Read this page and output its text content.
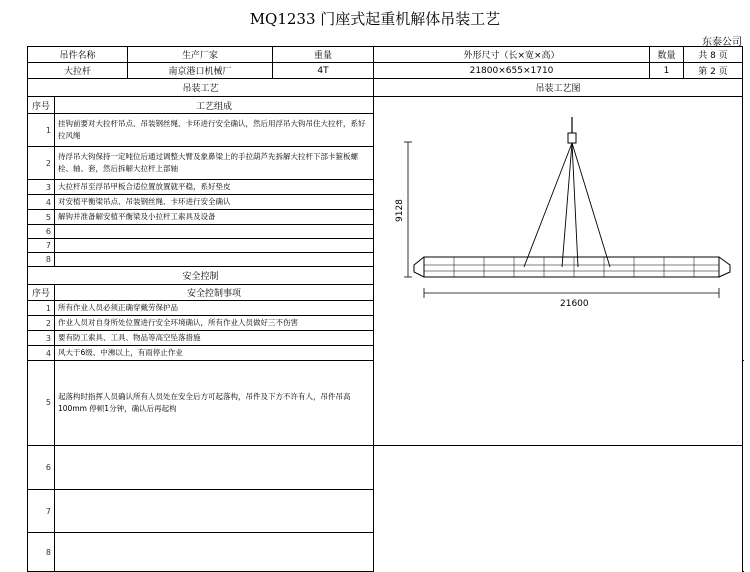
MQ1233 门座式起重机解体吊装工艺
东泰公司
吊件名称		生产厂家	重量	外形尺寸（长×宽×高）	数量	共 8 页	
大拉杆		南京港口机械厂	4T	21800×655×1710	1	第 2 页	
吊装工艺				吊装工艺图			
序号	工艺组成			9128
21600			

1	挂钩前要对大拉杆吊点、吊装钢丝绳、卡环进行安全确认，然后用浮吊大钩吊住大拉杆，系好拉风绳						
2	待浮吊大钩保持一定吨位后通过调整大臂及象鼻梁上的手拉葫芦先拆解大拉杆下部卡箍板螺栓、轴、套，然后拆解大拉杆上部轴						
3	大拉杆吊至浮吊甲板合适位置放置就平稳，系好垫皮						
4	对安植平衡梁吊点、吊装钢丝绳、卡环进行安全确认						
5	解钩并准备解安植平衡梁及小拉杆工索具及设备						
6							
7							
8							
安全控制							
序号	安全控制事项						
1	所有作业人员必须正确穿戴劳保护品						
2	作业人员对自身所处位置进行安全环境确认，所有作业人员做好三不伤害						
3	要有防工索具、工具、物品等高空坠落措施						
4	风大于6级、中沸以上，有雨停止作业						
5	起落构时指挥人员确认所有人员处在安全后方可起落构，吊件及下方不许有人，吊件吊高100mm 停顿1分钟，确认后再起构		

6							
7							
8							
